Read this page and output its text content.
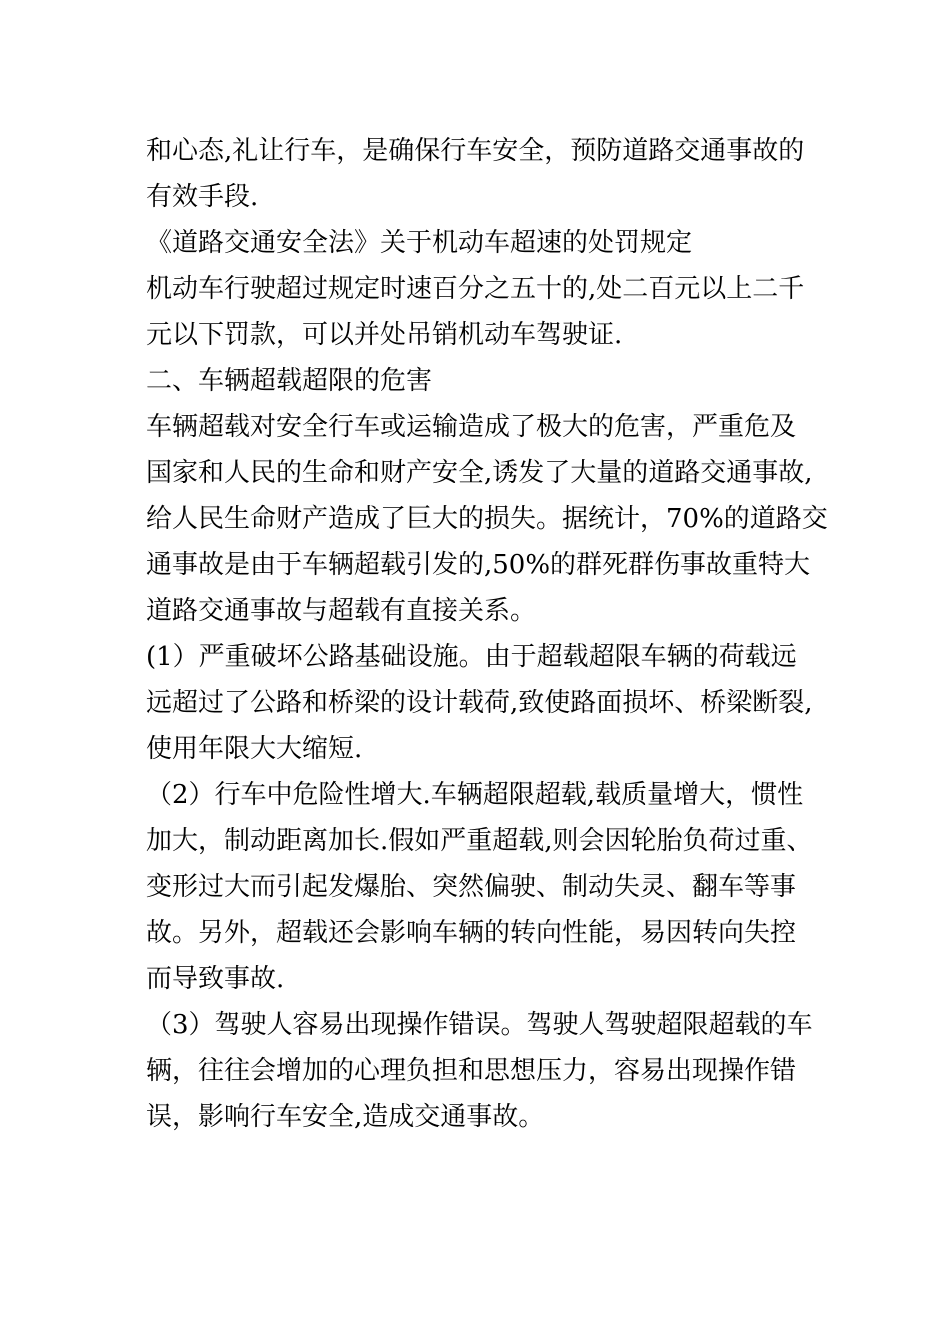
和心态,礼让行车，是确保行车安全，预防道路交通事故的
有效手段.
《道路交通安全法》关于机动车超速的处罚规定
机动车行驶超过规定时速百分之五十的,处二百元以上二千
元以下罚款，可以并处吊销机动车驾驶证.
二、车辆超载超限的危害
车辆超载对安全行车或运输造成了极大的危害，严重危及
国家和人民的生命和财产安全,诱发了大量的道路交通事故,
给人民生命财产造成了巨大的损失。据统计，70%的道路交
通事故是由于车辆超载引发的,50%的群死群伤事故重特大
道路交通事故与超载有直接关系。
(1）严重破坏公路基础设施。由于超载超限车辆的荷载远
远超过了公路和桥梁的设计载荷,致使路面损坏、桥梁断裂,
使用年限大大缩短.
（2）行车中危险性增大.车辆超限超载,载质量增大，惯性
加大，制动距离加长.假如严重超载,则会因轮胎负荷过重、
变形过大而引起发爆胎、突然偏驶、制动失灵、翻车等事
故。另外，超载还会影响车辆的转向性能，易因转向失控
而导致事故.
（3）驾驶人容易出现操作错误。驾驶人驾驶超限超载的车
辆，往往会增加的心理负担和思想压力，容易出现操作错
误，影响行车安全,造成交通事故。
